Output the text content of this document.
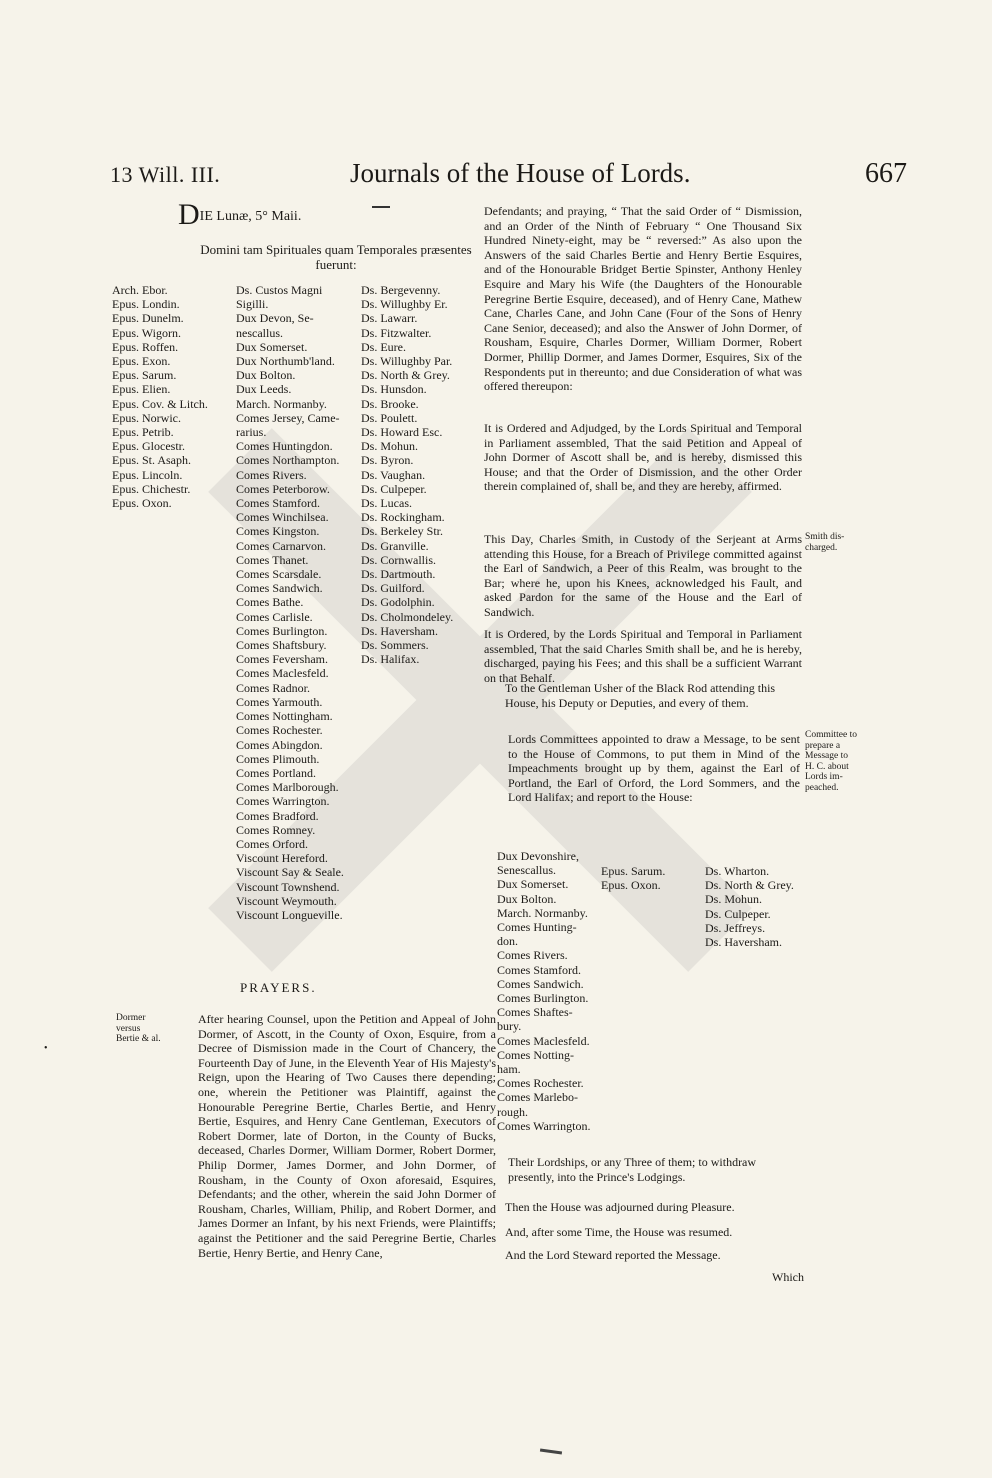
13 Will. III.	Journals of the House of Lords.	667
DIE Lunæ, 5° Maii.
Domini tam Spirituales quam Temporales præsentes fuerunt:
Arch. Ebor.
Epus. Londin.
Epus. Dunelm.
Epus. Wigorn.
Epus. Roffen.
Epus. Exon.
Epus. Sarum.
Epus. Elien.
Epus. Cov. & Litch.
Epus. Norwic.
Epus. Petrib.
Epus. Glocestr.
Epus. St. Asaph.
Epus. Lincoln.
Epus. Chichestr.
Epus. Oxon.
Ds. Custos Magni
Sigilli.
Dux Devon, Se-
nescallus.
Dux Somerset.
Dux Northumb'land.
Dux Bolton.
Dux Leeds.
March. Normanby.
Comes Jersey, Came-
rarius.
Comes Huntingdon.
Comes Northampton.
Comes Rivers.
Comes Peterborow.
Comes Stamford.
Comes Winchilsea.
Comes Kingston.
Comes Carnarvon.
Comes Thanet.
Comes Scarsdale.
Comes Sandwich.
Comes Bathe.
Comes Carlisle.
Comes Burlington.
Comes Shaftsbury.
Comes Feversham.
Comes Maclesfeld.
Comes Radnor.
Comes Yarmouth.
Comes Nottingham.
Comes Rochester.
Comes Abingdon.
Comes Plimouth.
Comes Portland.
Comes Marlborough.
Comes Warrington.
Comes Bradford.
Comes Romney.
Comes Orford.
Viscount Hereford.
Viscount Say & Seale.
Viscount Townshend.
Viscount Weymouth.
Viscount Longueville.
Ds. Bergevenny.
Ds. Willughby Er.
Ds. Lawarr.
Ds. Fitzwalter.
Ds. Eure.
Ds. Willughby Par.
Ds. North & Grey.
Ds. Hunsdon.
Ds. Brooke.
Ds. Poulett.
Ds. Howard Esc.
Ds. Mohun.
Ds. Byron.
Ds. Vaughan.
Ds. Culpeper.
Ds. Lucas.
Ds. Rockingham.
Ds. Berkeley Str.
Ds. Granville.
Ds. Cornwallis.
Ds. Dartmouth.
Ds. Guilford.
Ds. Godolphin.
Ds. Cholmondeley.
Ds. Haversham.
Ds. Sommers.
Ds. Halifax.
PRAYERS.
Dormer
versus
Bertie & al.
•
After hearing Counsel, upon the Petition and Appeal of John Dormer, of Ascott, in the County of Oxon, Esquire, from a Decree of Dismission made in the Court of Chancery, the Fourteenth Day of June, in the Eleventh Year of His Majesty's Reign, upon the Hearing of Two Causes there depending; one, wherein the Petitioner was Plaintiff, against the Honourable Peregrine Bertie, Charles Bertie, and Henry Bertie, Esquires, and Henry Cane Gentleman, Executors of Robert Dormer, late of Dorton, in the County of Bucks, deceased, Charles Dormer, William Dormer, Robert Dormer, Philip Dormer, James Dormer, and John Dormer, of Rousham, in the County of Oxon aforesaid, Esquires, Defendants; and the other, wherein the said John Dormer of Rousham, Charles, William, Philip, and Robert Dormer, and James Dormer an Infant, by his next Friends, were Plaintiffs; against the Petitioner and the said Peregrine Bertie, Charles Bertie, Henry Bertie, and Henry Cane,
Defendants; and praying, “ That the said Order of “ Dismission, and an Order of the Ninth of February “ One Thousand Six Hundred Ninety-eight, may be “ reversed:” As also upon the Answers of the said Charles Bertie and Henry Bertie Esquires, and of the Honourable Bridget Bertie Spinster, Anthony Henley Esquire and Mary his Wife (the Daughters of the Honourable Peregrine Bertie Esquire, deceased), and of Henry Cane, Mathew Cane, Charles Cane, and John Cane (Four of the Sons of Henry Cane Senior, deceased); and also the Answer of John Dormer, of Rousham, Esquire, Charles Dormer, William Dormer, Robert Dormer, Phillip Dormer, and James Dormer, Esquires, Six of the Respondents put in thereunto; and due Consideration of what was offered thereupon:
It is Ordered and Adjudged, by the Lords Spiritual and Temporal in Parliament assembled, That the said Petition and Appeal of John Dormer of Ascott shall be, and is hereby, dismissed this House; and that the Order of Dismission, and the other Order therein complained of, shall be, and they are hereby, affirmed.
Smith dis-
charged.
This Day, Charles Smith, in Custody of the Serjeant at Arms attending this House, for a Breach of Privilege committed against the Earl of Sandwich, a Peer of this Realm, was brought to the Bar; where he, upon his Knees, acknowledged his Fault, and asked Pardon for the same of the House and the Earl of Sandwich.
It is Ordered, by the Lords Spiritual and Temporal in Parliament assembled, That the said Charles Smith shall be, and he is hereby, discharged, paying his Fees; and this shall be a sufficient Warrant on that Behalf.
To the Gentleman Usher of the Black Rod attending this House, his Deputy or Deputies, and every of them.
Committee to
prepare a
Message to
H. C. about
Lords im-
peached.
Lords Committees appointed to draw a Message, to be sent to the House of Commons, to put them in Mind of the Impeachments brought up by them, against the Earl of Portland, the Earl of Orford, the Lord Sommers, and the Lord Halifax; and report to the House:
Dux Devonshire,
Senescallus.
Dux Somerset.
Dux Bolton.
March. Normanby.
Comes Hunting-
don.
Comes Rivers.
Comes Stamford.
Comes Sandwich.
Comes Burlington.
Comes Shaftes-
bury.
Comes Maclesfeld.
Comes Notting-
ham.
Comes Rochester.
Comes Marlebo-
rough.
Comes Warrington.
Epus. Sarum.
Epus. Oxon.
Ds. Wharton.
Ds. North & Grey.
Ds. Mohun.
Ds. Culpeper.
Ds. Jeffreys.
Ds. Haversham.
Their Lordships, or any Three of them; to withdraw presently, into the Prince's Lodgings.
Then the House was adjourned during Pleasure.
And, after some Time, the House was resumed.
And the Lord Steward reported the Message.
Which
